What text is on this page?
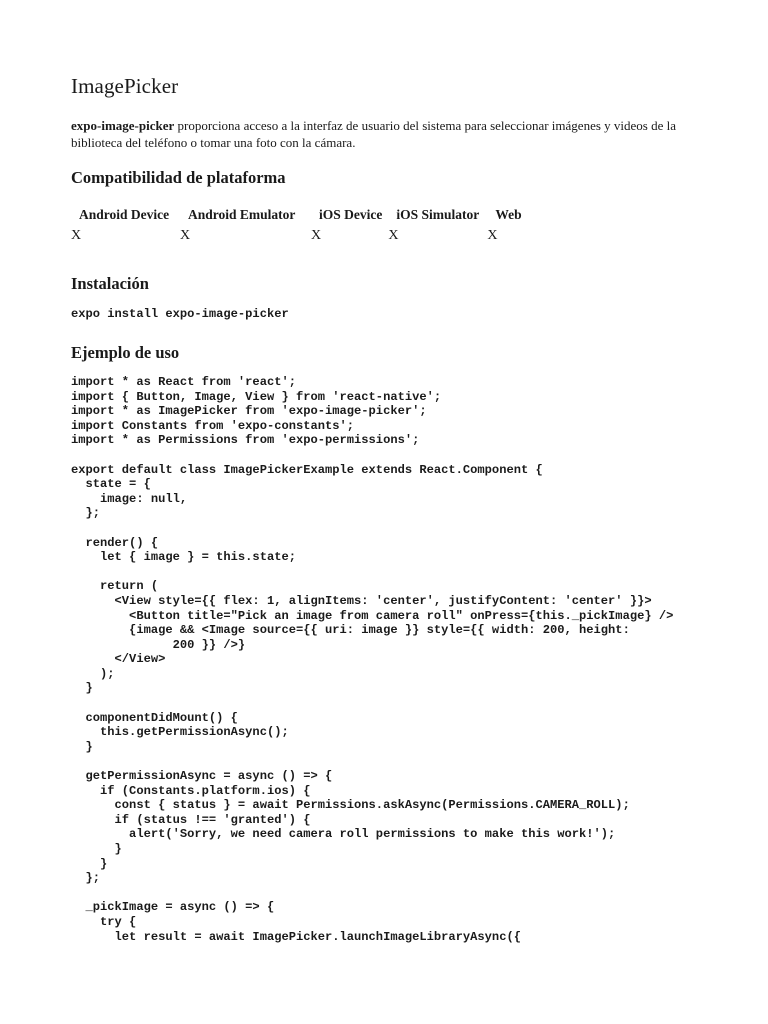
ImagePicker

expo-image-picker proporciona acceso a la interfaz de usuario del sistema para seleccionar imágenes y videos de la biblioteca del teléfono o tomar una foto con la cámara.

Compatibilidad de plataforma
Android Device	Android Emulator	iOS Device	iOS Simulator	Web
X	X	X	X	X
Instalación
expo install expo-image-picker
Ejemplo de uso
import * as React from 'react';
import { Button, Image, View } from 'react-native';
import * as ImagePicker from 'expo-image-picker';
import Constants from 'expo-constants';
import * as Permissions from 'expo-permissions';

export default class ImagePickerExample extends React.Component {
state = {
image: null,
};

render() {
let { image } = this.state;

return (
<View style={{ flex: 1, alignItems: 'center', justifyContent: 'center' }}>
<Button title="Pick an image from camera roll" onPress={this._pickImage} />
{image && <Image source={{ uri: image }} style={{ width: 200, height:
200 }} />}
</View>
);
}

componentDidMount() {
this.getPermissionAsync();
}

getPermissionAsync = async () => {
if (Constants.platform.ios) {
const { status } = await Permissions.askAsync(Permissions.CAMERA_ROLL);
if (status !== 'granted') {
alert('Sorry, we need camera roll permissions to make this work!');
}
}
};

_pickImage = async () => {
try {
let result = await ImagePicker.launchImageLibraryAsync({
